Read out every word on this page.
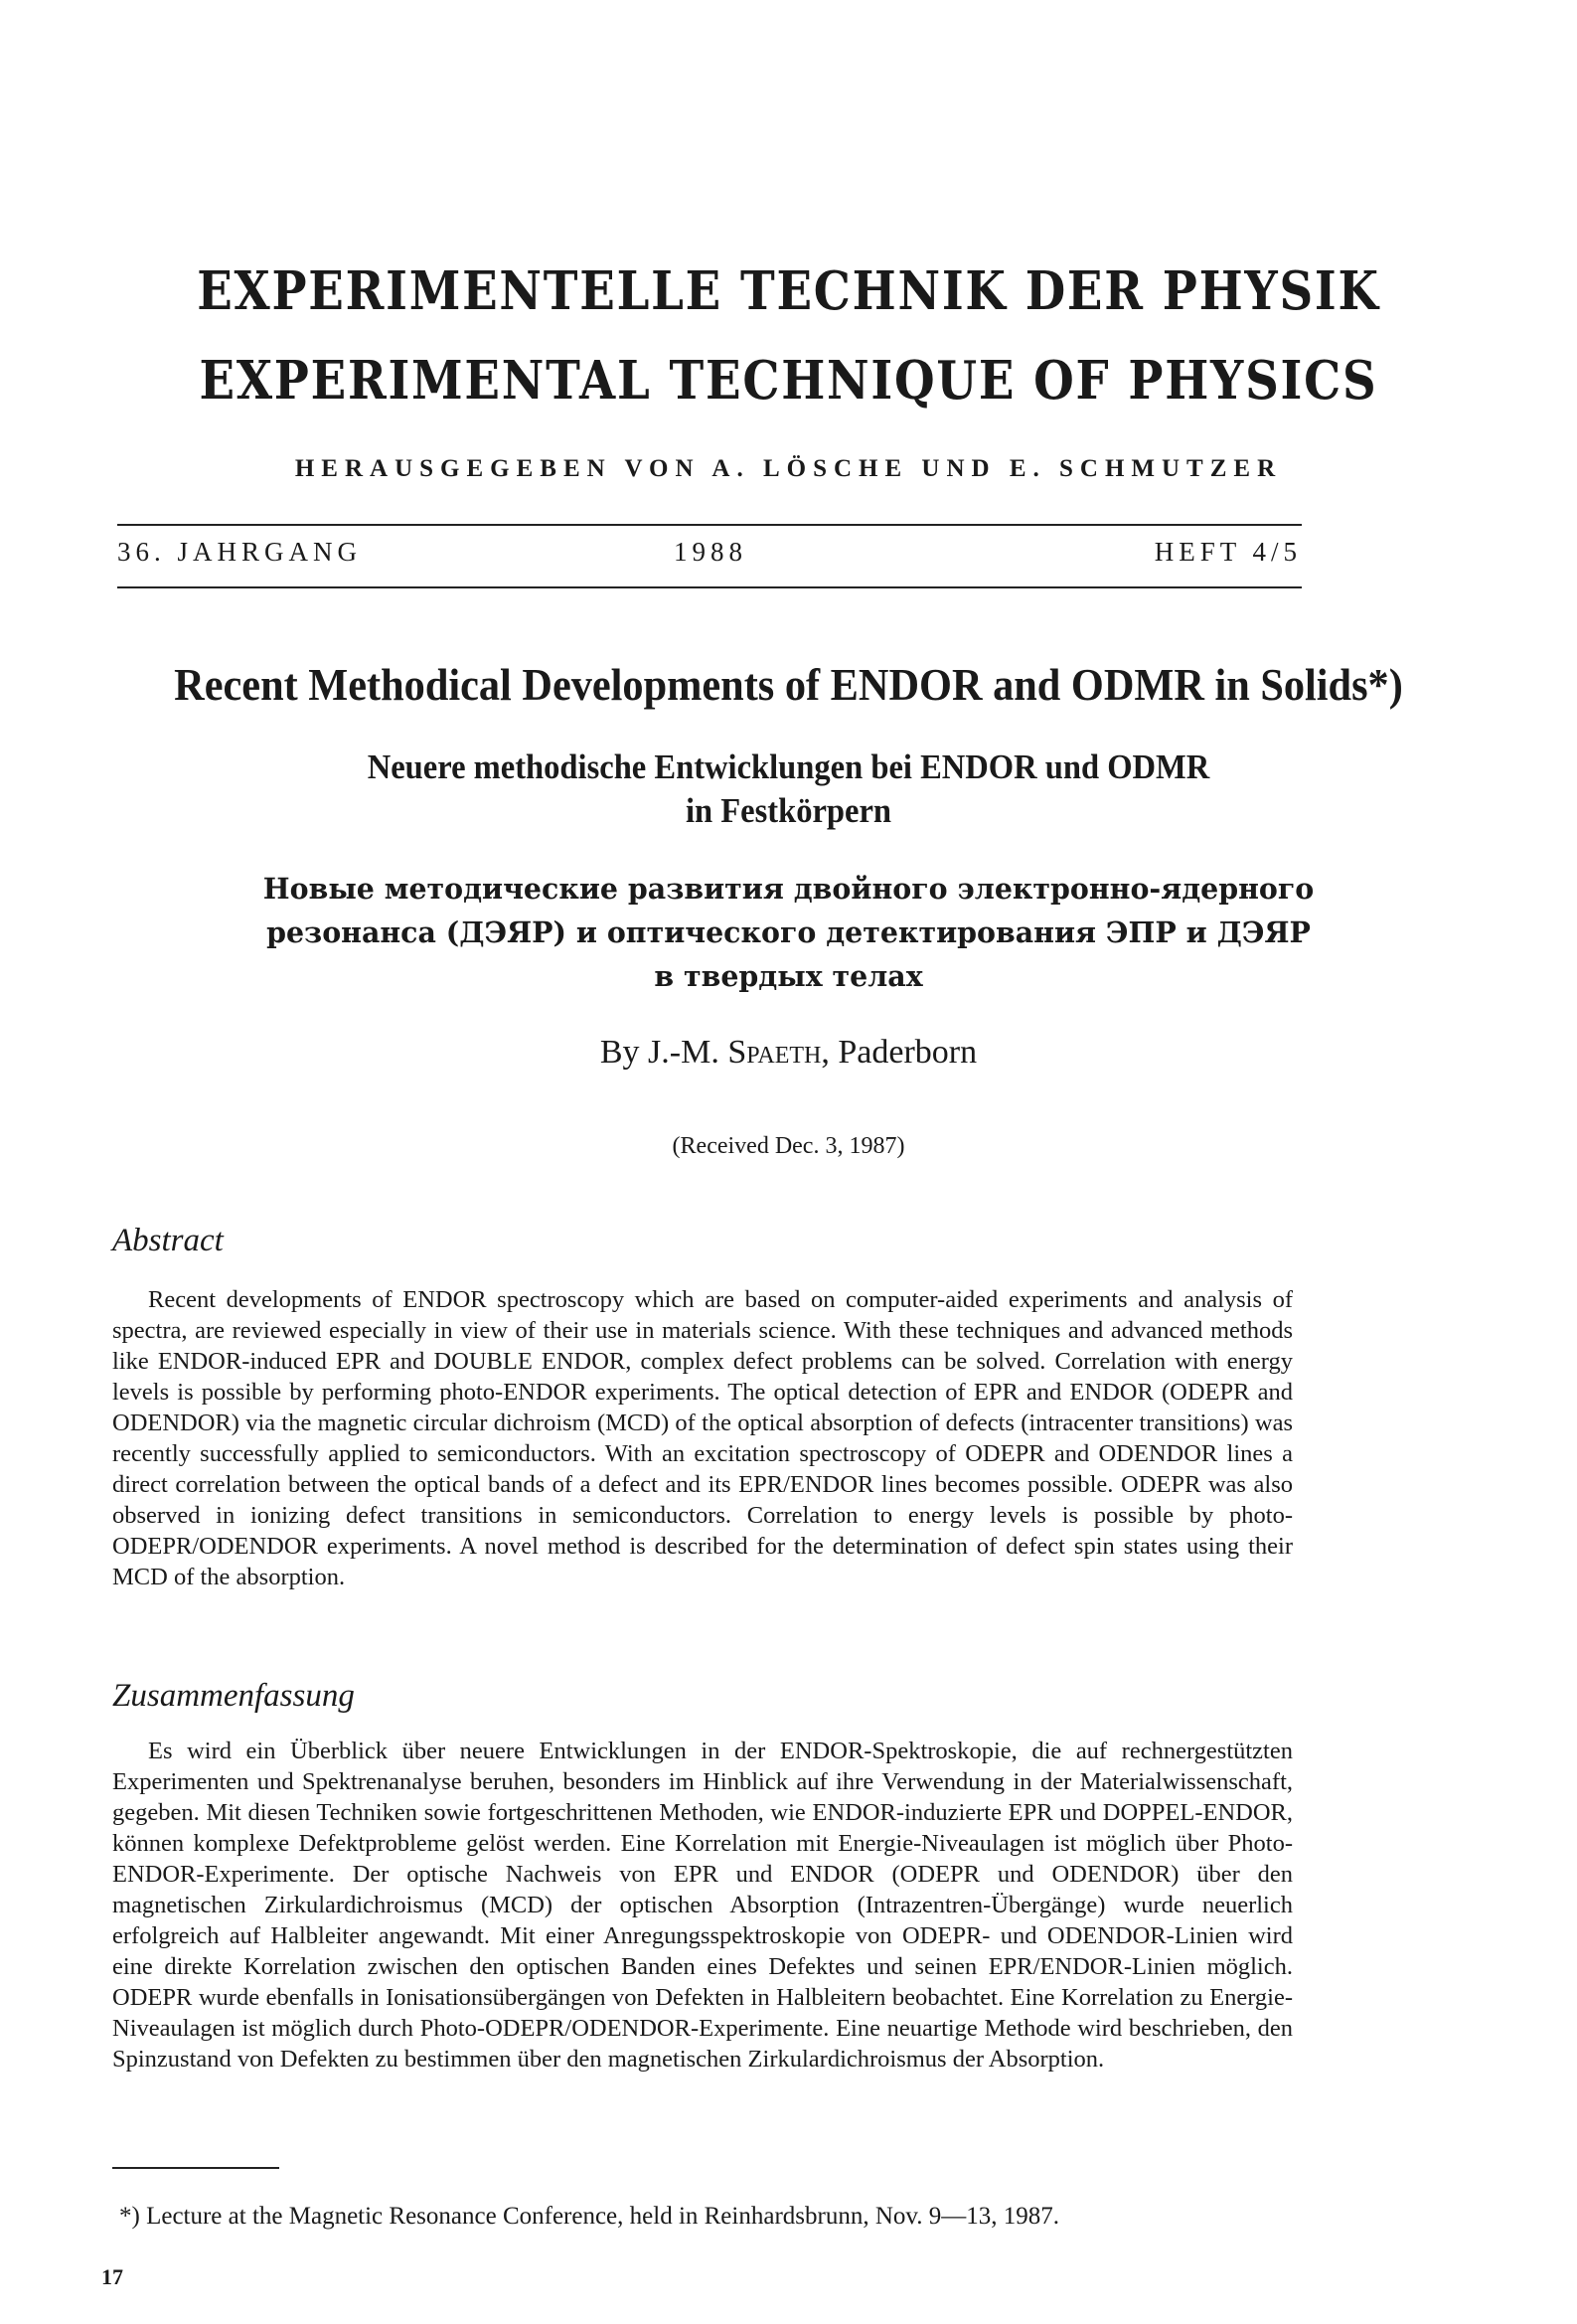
EXPERIMENTELLE TECHNIK DER PHYSIK
EXPERIMENTAL TECHNIQUE OF PHYSICS
HERAUSGEGEBEN VON A. LÖSCHE UND E. SCHMUTZER
36. JAHRGANG	1988	HEFT 4/5
Recent Methodical Developments of ENDOR and ODMR in Solids*)
Neuere methodische Entwicklungen bei ENDOR und ODMR
in Festkörpern
Новые методические развития двойного электронно-ядерного
резонанса (ДЭЯР) и оптического детектирования ЭПР и ДЭЯР
в твердых телах
By J.-M. Spaeth, Paderborn
(Received Dec. 3, 1987)
Abstract
Recent developments of ENDOR spectroscopy which are based on computer-aided experiments and analysis of spectra, are reviewed especially in view of their use in materials science. With these techniques and advanced methods like ENDOR-induced EPR and DOUBLE ENDOR, complex defect problems can be solved. Correlation with energy levels is possible by performing photo-ENDOR experiments. The optical detection of EPR and ENDOR (ODEPR and ODENDOR) via the magnetic circular dichroism (MCD) of the optical absorption of defects (intracenter transitions) was recently successfully applied to semiconductors. With an excitation spectroscopy of ODEPR and ODENDOR lines a direct correlation between the optical bands of a defect and its EPR/ENDOR lines becomes possible. ODEPR was also observed in ionizing defect transitions in semiconductors. Correlation to energy levels is possible by photo-ODEPR/ODENDOR experiments. A novel method is described for the determination of defect spin states using their MCD of the absorption.
Zusammenfassung
Es wird ein Überblick über neuere Entwicklungen in der ENDOR-Spektroskopie, die auf rechnergestützten Experimenten und Spektrenanalyse beruhen, besonders im Hinblick auf ihre Verwendung in der Materialwissenschaft, gegeben. Mit diesen Techniken sowie fortgeschrittenen Methoden, wie ENDOR-induzierte EPR und DOPPEL-ENDOR, können komplexe Defektprobleme gelöst werden. Eine Korrelation mit Energie-Niveaulagen ist möglich über Photo-ENDOR-Experimente. Der optische Nachweis von EPR und ENDOR (ODEPR und ODENDOR) über den magnetischen Zirkulardichroismus (MCD) der optischen Absorption (Intrazentren-Übergänge) wurde neuerlich erfolgreich auf Halbleiter angewandt. Mit einer Anregungsspektroskopie von ODEPR- und ODENDOR-Linien wird eine direkte Korrelation zwischen den optischen Banden eines Defektes und seinen EPR/ENDOR-Linien möglich. ODEPR wurde ebenfalls in Ionisationsübergängen von Defekten in Halbleitern beobachtet. Eine Korrelation zu Energie-Niveaulagen ist möglich durch Photo-ODEPR/ODENDOR-Experimente. Eine neuartige Methode wird beschrieben, den Spinzustand von Defekten zu bestimmen über den magnetischen Zirkulardichroismus der Absorption.
*) Lecture at the Magnetic Resonance Conference, held in Reinhardsbrunn, Nov. 9—13, 1987.
17
